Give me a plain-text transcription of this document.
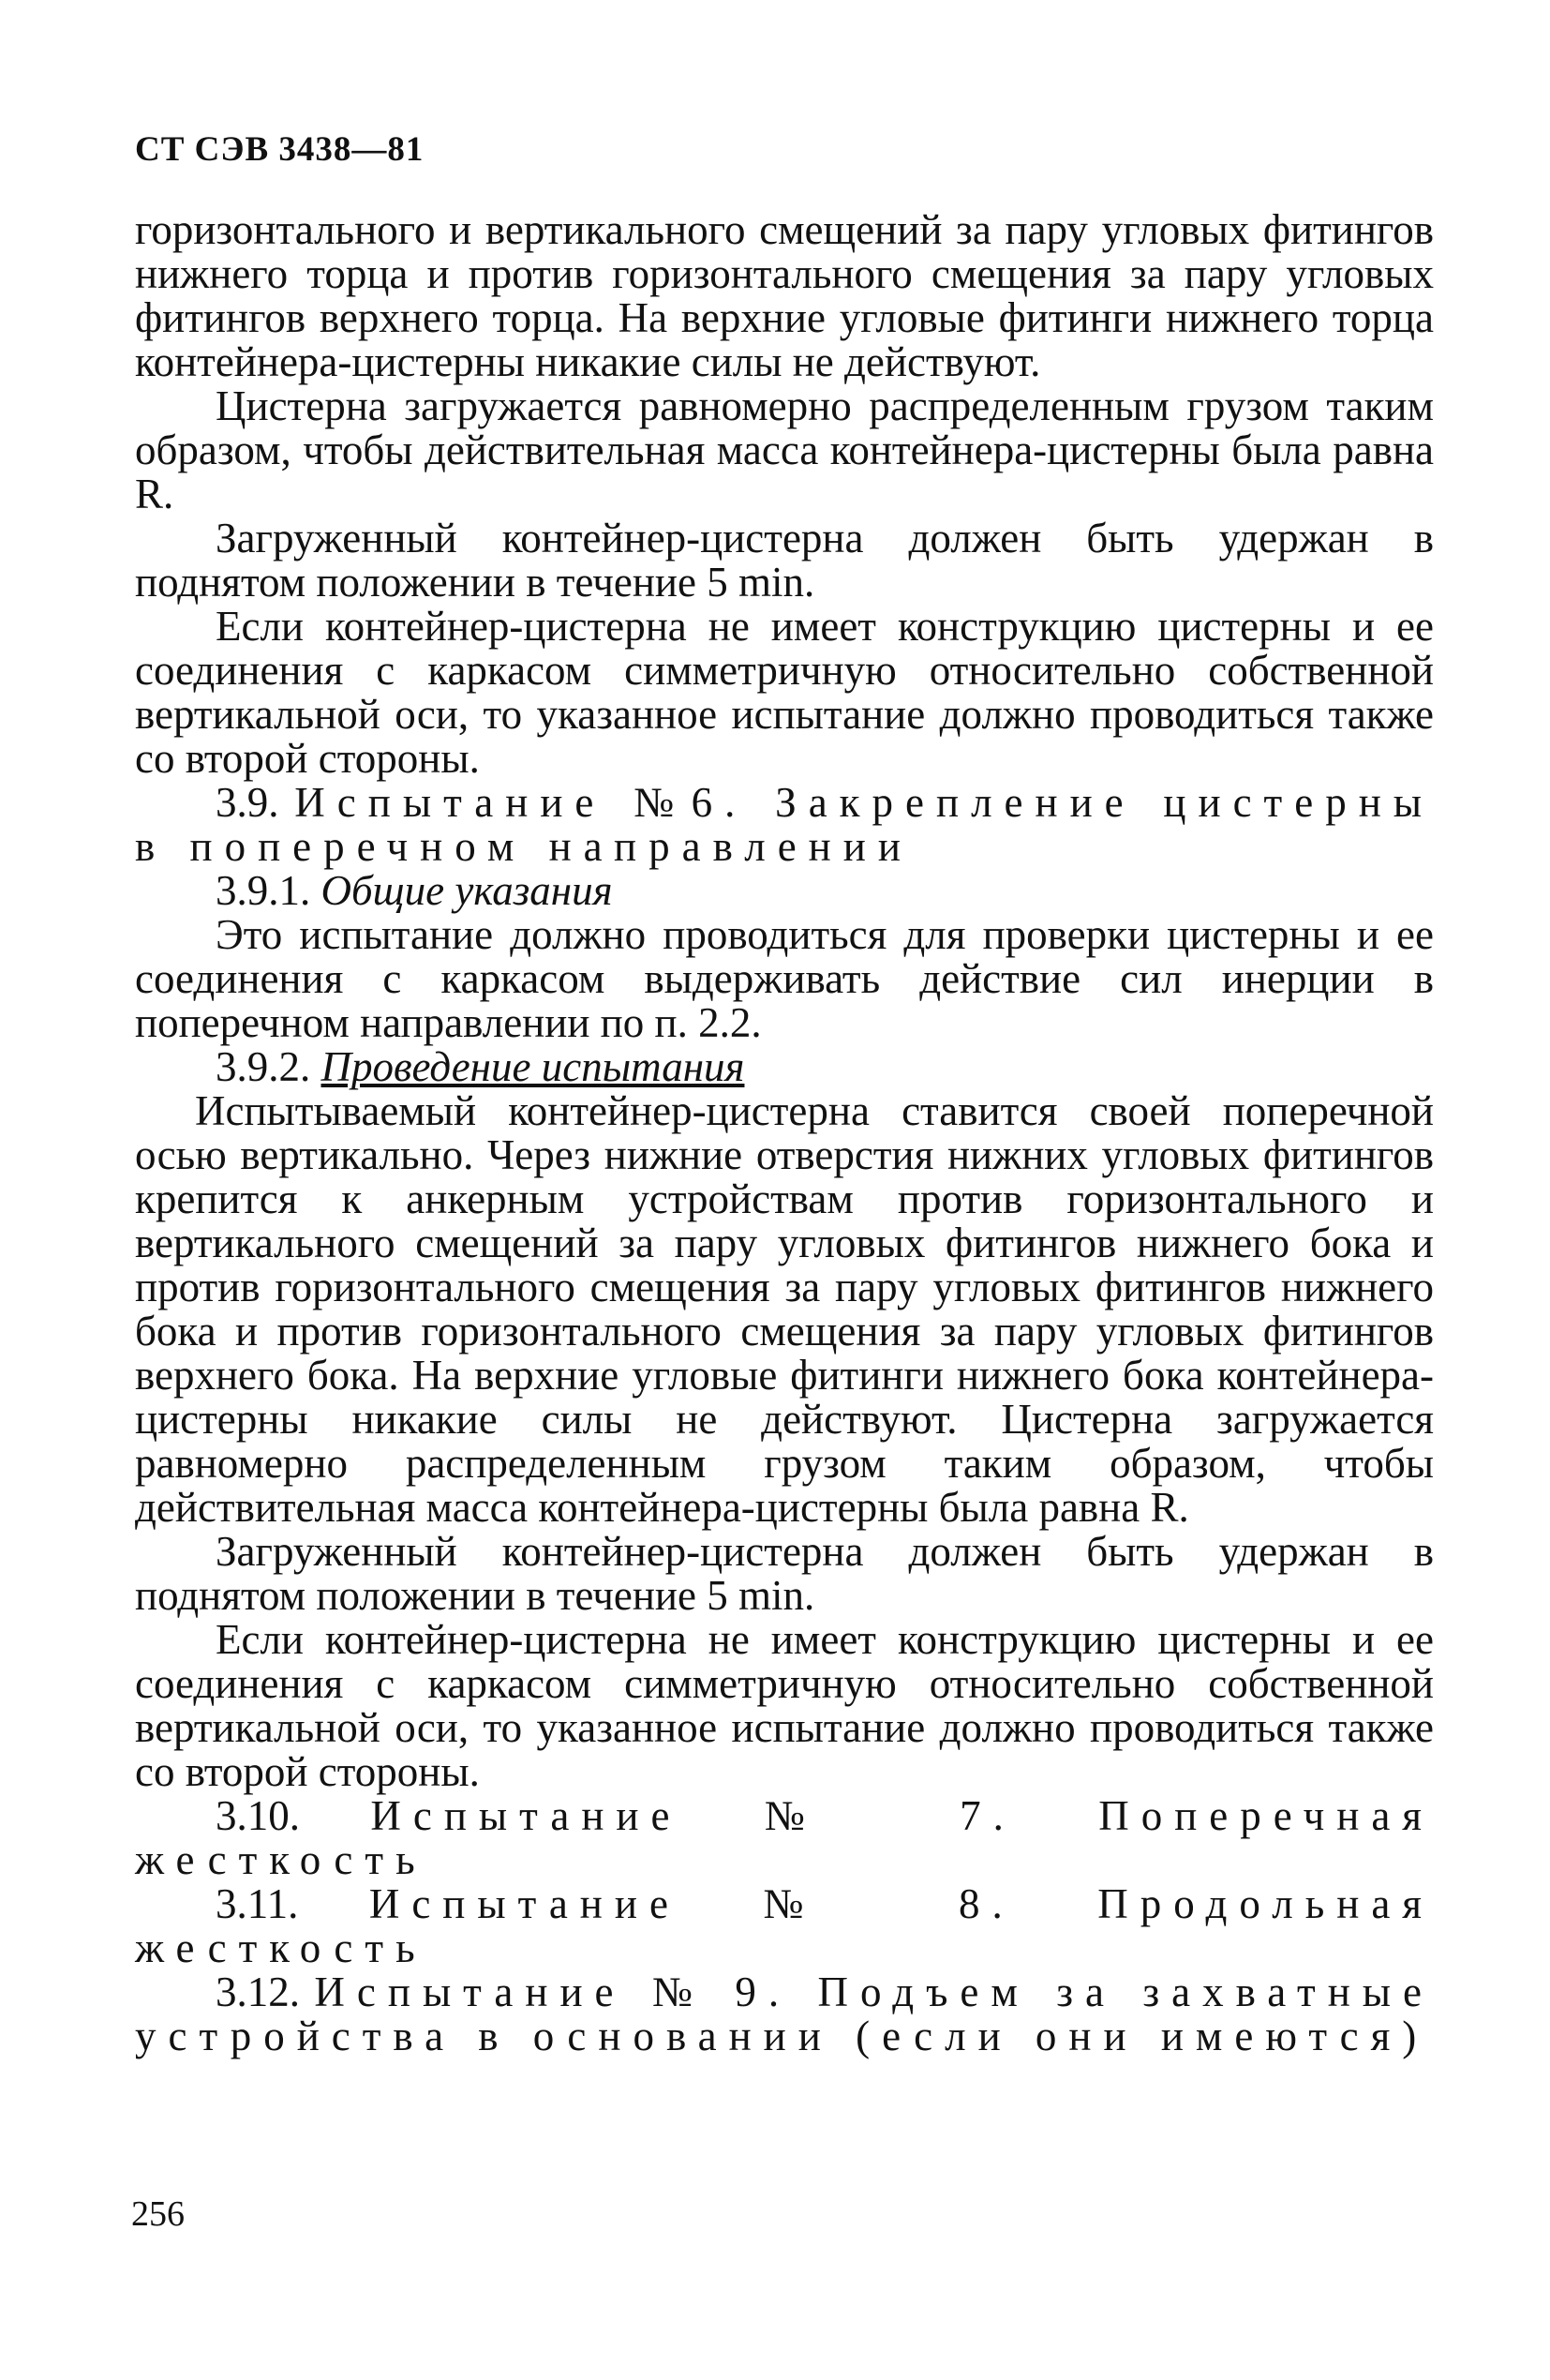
СТ СЭВ 3438—81

горизонтального и вертикального смещений за пару угловых фитингов нижнего торца и против горизонтального смещения за пару угловых фитингов верхнего торца. На верхние угловые фитинги нижнего торца контейнера-цистерны никакие силы не действуют.

Цистерна загружается равномерно распределенным грузом таким образом, чтобы действительная масса контейнера-цистерны была равна R.

Загруженный контейнер-цистерна должен быть удержан в поднятом положении в течение 5 min.

Если контейнер-цистерна не имеет конструкцию цистерны и ее соединения с каркасом симметричную относительно собственной вертикальной оси, то указанное испытание должно проводиться также со второй стороны.

3.9. Испытание №6. Закрепление цистерны в поперечном направлении

3.9.1. Общие указания

Это испытание должно проводиться для проверки цистерны и ее соединения с каркасом выдерживать действие сил инерции в поперечном направлении по п. 2.2.

3.9.2. Проведение испытания

Испытываемый контейнер-цистерна ставится своей поперечной осью вертикально. Через нижние отверстия нижних угловых фитингов крепится к анкерным устройствам против горизонтального и вертикального смещений за пару угловых фитингов нижнего бока и против горизонтального смещения за пару угловых фитингов нижнего бока и против горизонтального смещения за пару угловых фитингов верхнего бока. На верхние угловые фитинги нижнего бока контейнера-цистерны никакие силы не действуют. Цистерна загружается равномерно распределенным грузом таким образом, чтобы действительная масса контейнера-цистерны была равна R.

Загруженный контейнер-цистерна должен быть удержан в поднятом положении в течение 5 min.

Если контейнер-цистерна не имеет конструкцию цистерны и ее соединения с каркасом симметричную относительно собственной вертикальной оси, то указанное испытание должно проводиться также со второй стороны.

3.10. Испытание № 7. Поперечная жесткость

3.11. Испытание № 8. Продольная жесткость

3.12. Испытание № 9. Подъем за захватные устройства в основании (если они имеются)

256
